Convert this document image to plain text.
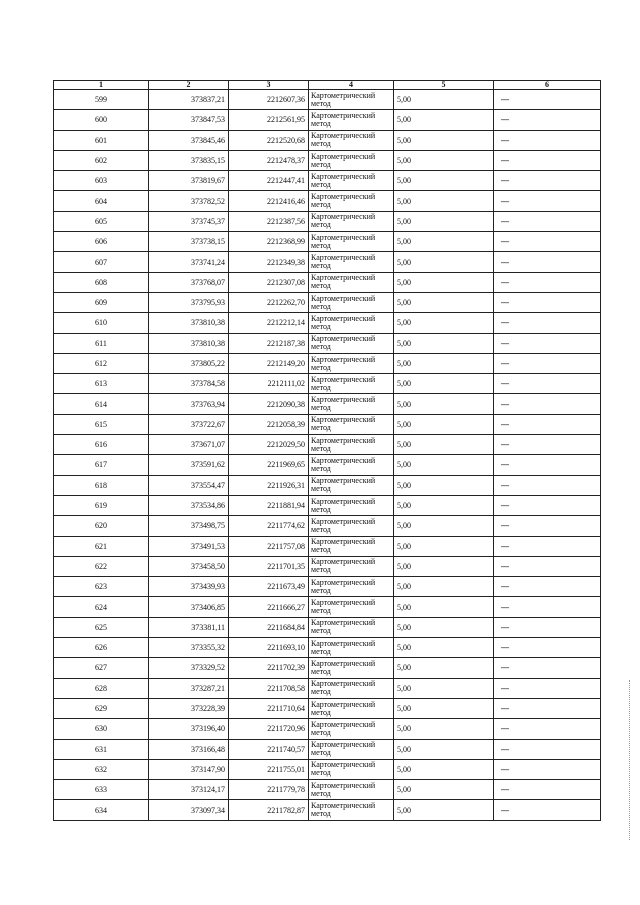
1	2	3	4	5	6
599	373837,21	2212607,36	Картометрический метод	5,00	—
600	373847,53	2212561,95	Картометрический метод	5,00	—
601	373845,46	2212520,68	Картометрический метод	5,00	—
602	373835,15	2212478,37	Картометрический метод	5,00	—
603	373819,67	2212447,41	Картометрический метод	5,00	—
604	373782,52	2212416,46	Картометрический метод	5,00	—
605	373745,37	2212387,56	Картометрический метод	5,00	—
606	373738,15	2212368,99	Картометрический метод	5,00	—
607	373741,24	2212349,38	Картометрический метод	5,00	—
608	373768,07	2212307,08	Картометрический метод	5,00	—
609	373795,93	2212262,70	Картометрический метод	5,00	—
610	373810,38	2212212,14	Картометрический метод	5,00	—
611	373810,38	2212187,38	Картометрический метод	5,00	—
612	373805,22	2212149,20	Картометрический метод	5,00	—
613	373784,58	2212111,02	Картометрический метод	5,00	—
614	373763,94	2212090,38	Картометрический метод	5,00	—
615	373722,67	2212058,39	Картометрический метод	5,00	—
616	373671,07	2212029,50	Картометрический метод	5,00	—
617	373591,62	2211969,65	Картометрический метод	5,00	—
618	373554,47	2211926,31	Картометрический метод	5,00	—
619	373534,86	2211881,94	Картометрический метод	5,00	—
620	373498,75	2211774,62	Картометрический метод	5,00	—
621	373491,53	2211757,08	Картометрический метод	5,00	—
622	373458,50	2211701,35	Картометрический метод	5,00	—
623	373439,93	2211673,49	Картометрический метод	5,00	—
624	373406,85	2211666,27	Картометрический метод	5,00	—
625	373381,11	2211684,84	Картометрический метод	5,00	—
626	373355,32	2211693,10	Картометрический метод	5,00	—
627	373329,52	2211702,39	Картометрический метод	5,00	—
628	373287,21	2211708,58	Картометрический метод	5,00	—
629	373228,39	2211710,64	Картометрический метод	5,00	—
630	373196,40	2211720,96	Картометрический метод	5,00	—
631	373166,48	2211740,57	Картометрический метод	5,00	—
632	373147,90	2211755,01	Картометрический метод	5,00	—
633	373124,17	2211779,78	Картометрический метод	5,00	—
634	373097,34	2211782,87	Картометрический метод	5,00	—
